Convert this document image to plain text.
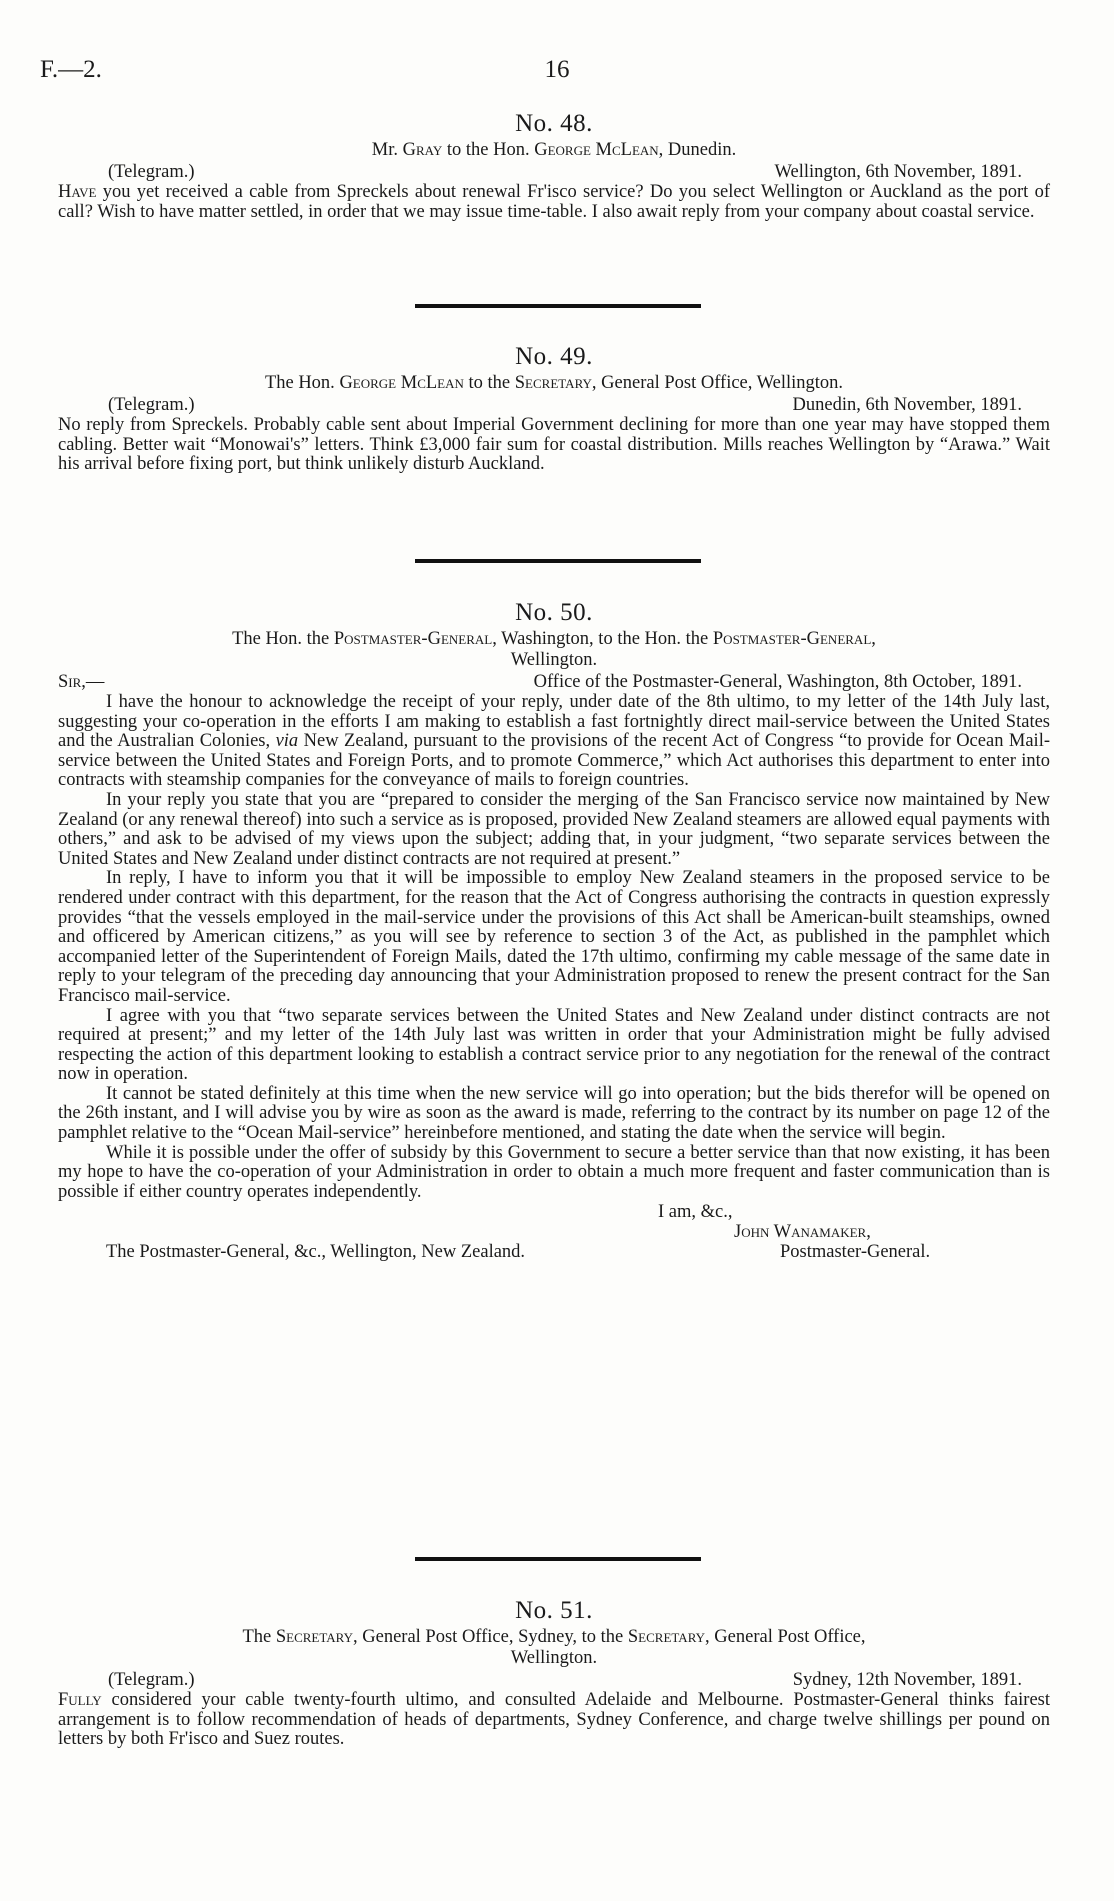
F.—2.	16
No. 48.
Mr. Gray to the Hon. George McLean, Dunedin.
(Telegram.)	Wellington, 6th November, 1891.

Have you yet received a cable from Spreckels about renewal Fr'isco service? Do you select Wellington or Auckland as the port of call? Wish to have matter settled, in order that we may issue time-table. I also await reply from your company about coastal service.

No. 49.
The Hon. George McLean to the Secretary, General Post Office, Wellington.
(Telegram.)	Dunedin, 6th November, 1891.

No reply from Spreckels. Probably cable sent about Imperial Government declining for more than one year may have stopped them cabling. Better wait “Monowai's” letters. Think £3,000 fair sum for coastal distribution. Mills reaches Wellington by “Arawa.” Wait his arrival before fixing port, but think unlikely disturb Auckland.

No. 50.
The Hon. the Postmaster-General, Washington, to the Hon. the Postmaster-General,
Wellington.
Sir,—	Office of the Postmaster-General, Washington, 8th October, 1891.

I have the honour to acknowledge the receipt of your reply, under date of the 8th ultimo, to my letter of the 14th July last, suggesting your co-operation in the efforts I am making to establish a fast fortnightly direct mail-service between the United States and the Australian Colonies, via New Zealand, pursuant to the provisions of the recent Act of Congress “to provide for Ocean Mail-service between the United States and Foreign Ports, and to promote Commerce,” which Act authorises this department to enter into contracts with steamship companies for the conveyance of mails to foreign countries.

In your reply you state that you are “prepared to consider the merging of the San Francisco service now maintained by New Zealand (or any renewal thereof) into such a service as is proposed, provided New Zealand steamers are allowed equal payments with others,” and ask to be advised of my views upon the subject; adding that, in your judgment, “two separate services between the United States and New Zealand under distinct contracts are not required at present.”

In reply, I have to inform you that it will be impossible to employ New Zealand steamers in the proposed service to be rendered under contract with this department, for the reason that the Act of Congress authorising the contracts in question expressly provides “that the vessels employed in the mail-service under the provisions of this Act shall be American-built steamships, owned and officered by American citizens,” as you will see by reference to section 3 of the Act, as published in the pamphlet which accompanied letter of the Superintendent of Foreign Mails, dated the 17th ultimo, confirming my cable message of the same date in reply to your telegram of the preceding day announcing that your Administration proposed to renew the present contract for the San Francisco mail-service.

I agree with you that “two separate services between the United States and New Zealand under distinct contracts are not required at present;” and my letter of the 14th July last was written in order that your Administration might be fully advised respecting the action of this department looking to establish a contract service prior to any negotiation for the renewal of the contract now in operation.

It cannot be stated definitely at this time when the new service will go into operation; but the bids therefor will be opened on the 26th instant, and I will advise you by wire as soon as the award is made, referring to the contract by its number on page 12 of the pamphlet relative to the “Ocean Mail-service” hereinbefore mentioned, and stating the date when the service will begin.

While it is possible under the offer of subsidy by this Government to secure a better service than that now existing, it has been my hope to have the co-operation of your Administration in order to obtain a much more frequent and faster communication than is possible if either country operates independently.

I am, &c.,
John Wanamaker,
The Postmaster-General, &c., Wellington, New Zealand.	Postmaster-General.
No. 51.
The Secretary, General Post Office, Sydney, to the Secretary, General Post Office,
Wellington.
(Telegram.)	Sydney, 12th November, 1891.

Fully considered your cable twenty-fourth ultimo, and consulted Adelaide and Melbourne. Postmaster-General thinks fairest arrangement is to follow recommendation of heads of departments, Sydney Conference, and charge twelve shillings per pound on letters by both Fr'isco and Suez routes.
